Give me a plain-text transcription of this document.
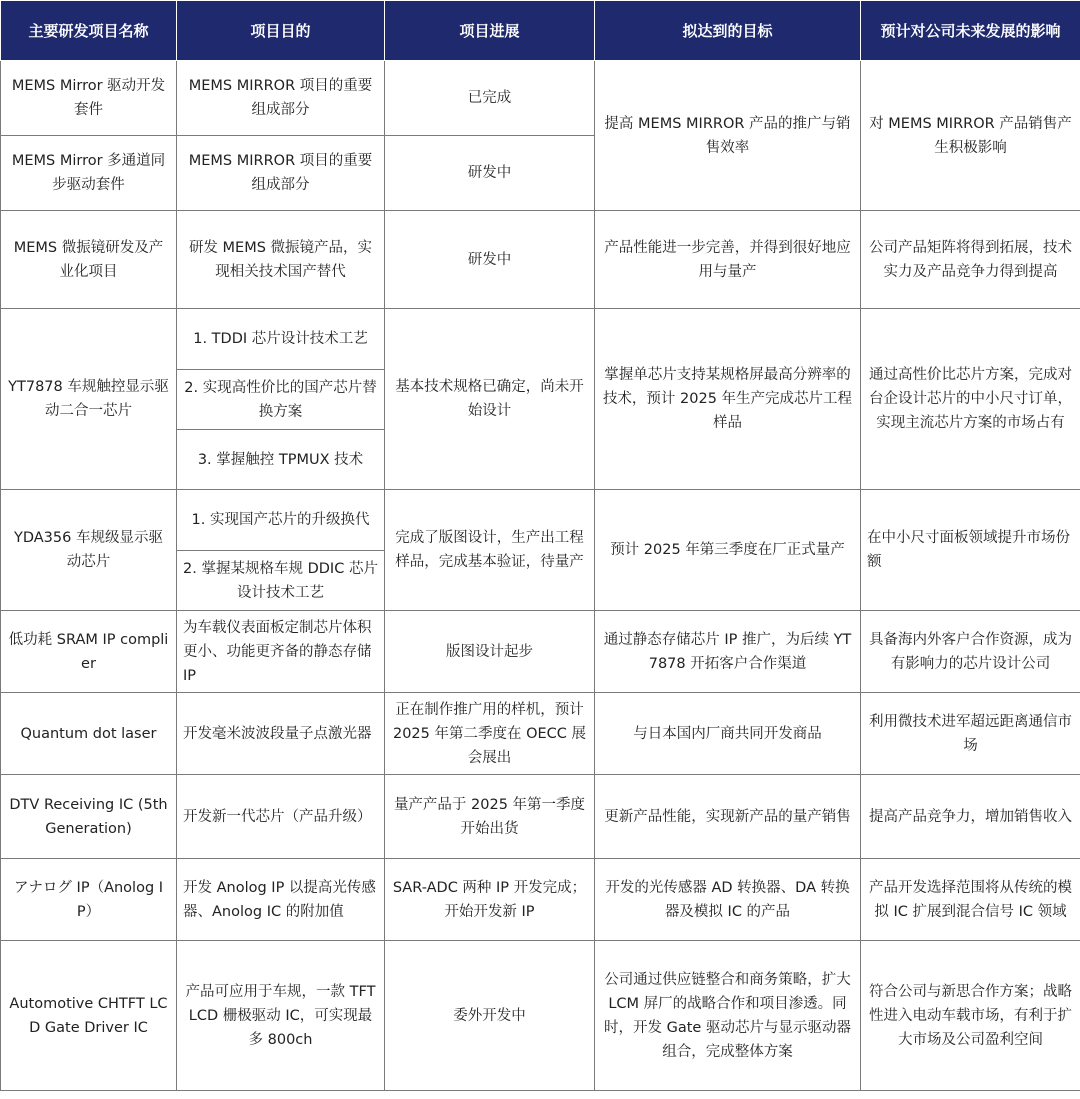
主要研发项目名称	项目目的	项目进展	拟达到的目标	预计对公司未来发展的影响
MEMS Mirror 驱动开发套件	MEMS MIRROR 项目的重要组成部分	已完成	提高 MEMS MIRROR 产品的推广与销售效率	对 MEMS MIRROR 产品销售产生积极影响
MEMS Mirror 多通道同步驱动套件	MEMS MIRROR 项目的重要组成部分	研发中		
MEMS 微振镜研发及产业化项目	研发 MEMS 微振镜产品，实现相关技术国产替代	研发中	产品性能进一步完善，并得到很好地应用与量产	公司产品矩阵将得到拓展，技术实力及产品竞争力得到提高
YT7878 车规触控显示驱动二合一芯片	1. TDDI 芯片设计技术工艺	基本技术规格已确定，尚未开始设计	掌握单芯片支持某规格屏最高分辨率的技术，预计 2025 年生产完成芯片工程样品	通过高性价比芯片方案，完成对台企设计芯片的中小尺寸订单，实现主流芯片方案的市场占有
	2. 实现高性价比的国产芯片替换方案			
	3. 掌握触控 TPMUX 技术			
YDA356 车规级显示驱动芯片	1. 实现国产芯片的升级换代	完成了版图设计，生产出工程样品，完成基本验证，待量产	预计 2025 年第三季度在厂正式量产	在中小尺寸面板领域提升市场份额
	2. 掌握某规格车规 DDIC 芯片设计技术工艺			
低功耗 SRAM IP complier	为车载仪表面板定制芯片体积更小、功能更齐备的静态存储 IP	版图设计起步	通过静态存储芯片 IP 推广，为后续 YT7878 开拓客户合作渠道	具备海内外客户合作资源，成为有影响力的芯片设计公司
Quantum dot laser	开发毫米波波段量子点激光器	正在制作推广用的样机，预计 2025 年第二季度在 OECC 展会展出	与日本国内厂商共同开发商品	利用微技术进军超远距离通信市场
DTV Receiving IC (5th Generation)	开发新一代芯片（产品升级）	量产产品于 2025 年第一季度开始出货	更新产品性能，实现新产品的量产销售	提高产品竞争力，增加销售收入
アナログ IP（Anolog IP）	开发 Anolog IP 以提高光传感器、Anolog IC 的附加值	SAR-ADC 两种 IP 开发完成；开始开发新 IP	开发的光传感器 AD 转换器、DA 转换器及模拟 IC 的产品	产品开发选择范围将从传统的模拟 IC 扩展到混合信号 IC 领域
Automotive CHTFT LCD Gate Driver IC	产品可应用于车规，一款 TFT LCD 栅极驱动 IC，可实现最多 800ch	委外开发中	公司通过供应链整合和商务策略，扩大 LCM 屏厂的战略合作和项目渗透。同时，开发 Gate 驱动芯片与显示驱动器组合，完成整体方案	符合公司与新思合作方案；战略性进入电动车载市场，有利于扩大市场及公司盈利空间
